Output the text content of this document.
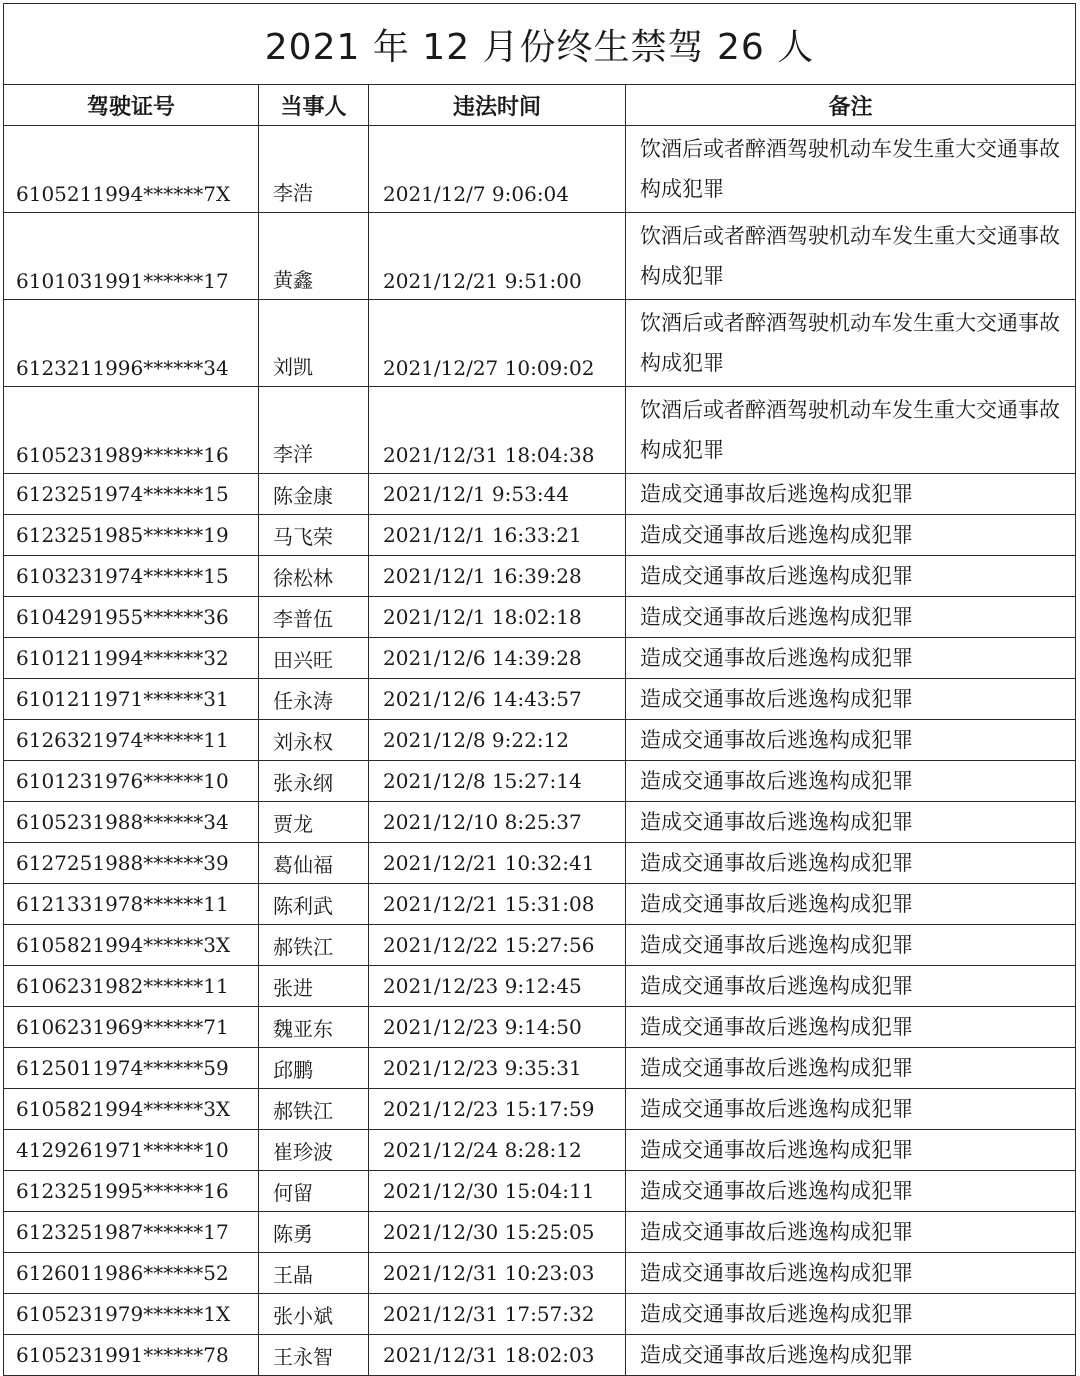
2021 年 12 月份终生禁驾 26 人			
驾驶证号	当事人	违法时间	备注
6105211994******7X	李浩	2021/12/7 9:06:04	饮酒后或者醉酒驾驶机动车发生重大交通事故构成犯罪
6101031991******17	黄鑫	2021/12/21 9:51:00	饮酒后或者醉酒驾驶机动车发生重大交通事故构成犯罪
6123211996******34	刘凯	2021/12/27 10:09:02	饮酒后或者醉酒驾驶机动车发生重大交通事故构成犯罪
6105231989******16	李洋	2021/12/31 18:04:38	饮酒后或者醉酒驾驶机动车发生重大交通事故构成犯罪
6123251974******15	陈金康	2021/12/1 9:53:44	造成交通事故后逃逸构成犯罪
6123251985******19	马飞荣	2021/12/1 16:33:21	造成交通事故后逃逸构成犯罪
6103231974******15	徐松林	2021/12/1 16:39:28	造成交通事故后逃逸构成犯罪
6104291955******36	李普伍	2021/12/1 18:02:18	造成交通事故后逃逸构成犯罪
6101211994******32	田兴旺	2021/12/6 14:39:28	造成交通事故后逃逸构成犯罪
6101211971******31	任永涛	2021/12/6 14:43:57	造成交通事故后逃逸构成犯罪
6126321974******11	刘永权	2021/12/8 9:22:12	造成交通事故后逃逸构成犯罪
6101231976******10	张永纲	2021/12/8 15:27:14	造成交通事故后逃逸构成犯罪
6105231988******34	贾龙	2021/12/10 8:25:37	造成交通事故后逃逸构成犯罪
6127251988******39	葛仙福	2021/12/21 10:32:41	造成交通事故后逃逸构成犯罪
6121331978******11	陈利武	2021/12/21 15:31:08	造成交通事故后逃逸构成犯罪
6105821994******3X	郝铁江	2021/12/22 15:27:56	造成交通事故后逃逸构成犯罪
6106231982******11	张进	2021/12/23 9:12:45	造成交通事故后逃逸构成犯罪
6106231969******71	魏亚东	2021/12/23 9:14:50	造成交通事故后逃逸构成犯罪
6125011974******59	邱鹏	2021/12/23 9:35:31	造成交通事故后逃逸构成犯罪
6105821994******3X	郝铁江	2021/12/23 15:17:59	造成交通事故后逃逸构成犯罪
4129261971******10	崔珍波	2021/12/24 8:28:12	造成交通事故后逃逸构成犯罪
6123251995******16	何留	2021/12/30 15:04:11	造成交通事故后逃逸构成犯罪
6123251987******17	陈勇	2021/12/30 15:25:05	造成交通事故后逃逸构成犯罪
6126011986******52	王晶	2021/12/31 10:23:03	造成交通事故后逃逸构成犯罪
6105231979******1X	张小斌	2021/12/31 17:57:32	造成交通事故后逃逸构成犯罪
6105231991******78	王永智	2021/12/31 18:02:03	造成交通事故后逃逸构成犯罪
